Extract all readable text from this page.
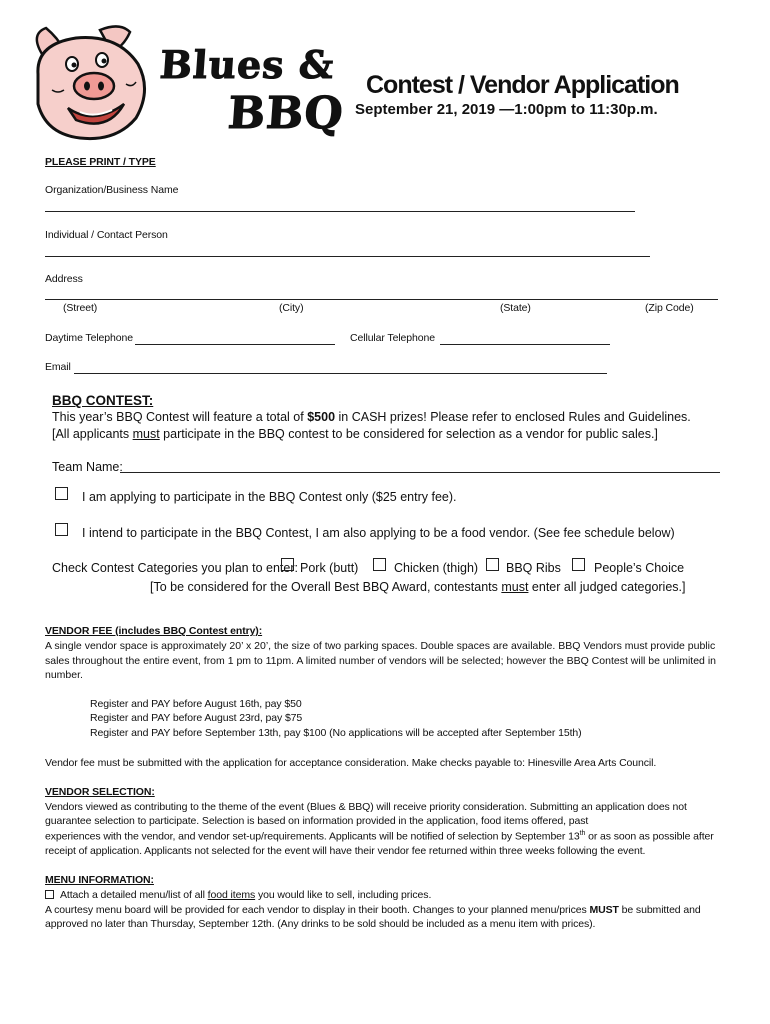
Blues &
BBQ
Contest / Vendor Application
September 21, 2019 —1:00pm to 11:30p.m.
PLEASE PRINT / TYPE
Organization/Business Name
Individual / Contact Person
Address
(Street)	(City)	(State)	(Zip Code)
Daytime Telephone	Cellular Telephone
Email
BBQ CONTEST:
This year’s BBQ Contest will feature a total of $500 in CASH prizes! Please refer to enclosed Rules and Guidelines.
[All applicants must participate in the BBQ contest to be considered for selection as a vendor for public sales.]
Team Name:
I am applying to participate in the BBQ Contest only ($25 entry fee).
I intend to participate in the BBQ Contest, I am also applying to be a food vendor. (See fee schedule below)
Check Contest Categories you plan to enter: Pork (butt)	Chicken (thigh) BBQ Ribs	People’s Choice
[To be considered for the Overall Best BBQ Award, contestants must enter all judged categories.]
VENDOR FEE (includes BBQ Contest entry):
A single vendor space is approximately 20’ x 20’, the size of two parking spaces. Double spaces are available. BBQ Vendors must provide public sales throughout the entire event, from 1 pm to 11pm. A limited number of vendors will be selected; however the BBQ Contest will be unlimited in number.
Register and PAY before August 16th, pay $50
Register and PAY before August 23rd, pay $75
Register and PAY before September 13th, pay $100 (No applications will be accepted after September 15th)
Vendor fee must be submitted with the application for acceptance consideration. Make checks payable to: Hinesville Area Arts Council.
VENDOR SELECTION:
Vendors viewed as contributing to the theme of the event (Blues & BBQ) will receive priority consideration. Submitting an application does not
guarantee selection to participate. Selection is based on information provided in the application, food items offered, past
experiences with the vendor, and vendor set-up/requirements. Applicants will be notified of selection by September 13th or as soon as possible after
receipt of application. Applicants not selected for the event will have their vendor fee returned within three weeks following the event.
MENU INFORMATION:
Attach a detailed menu/list of all food items you would like to sell, including prices.
A courtesy menu board will be provided for each vendor to display in their booth. Changes to your planned menu/prices MUST be submitted and
approved no later than Thursday, September 12th. (Any drinks to be sold should be included as a menu item with prices).
